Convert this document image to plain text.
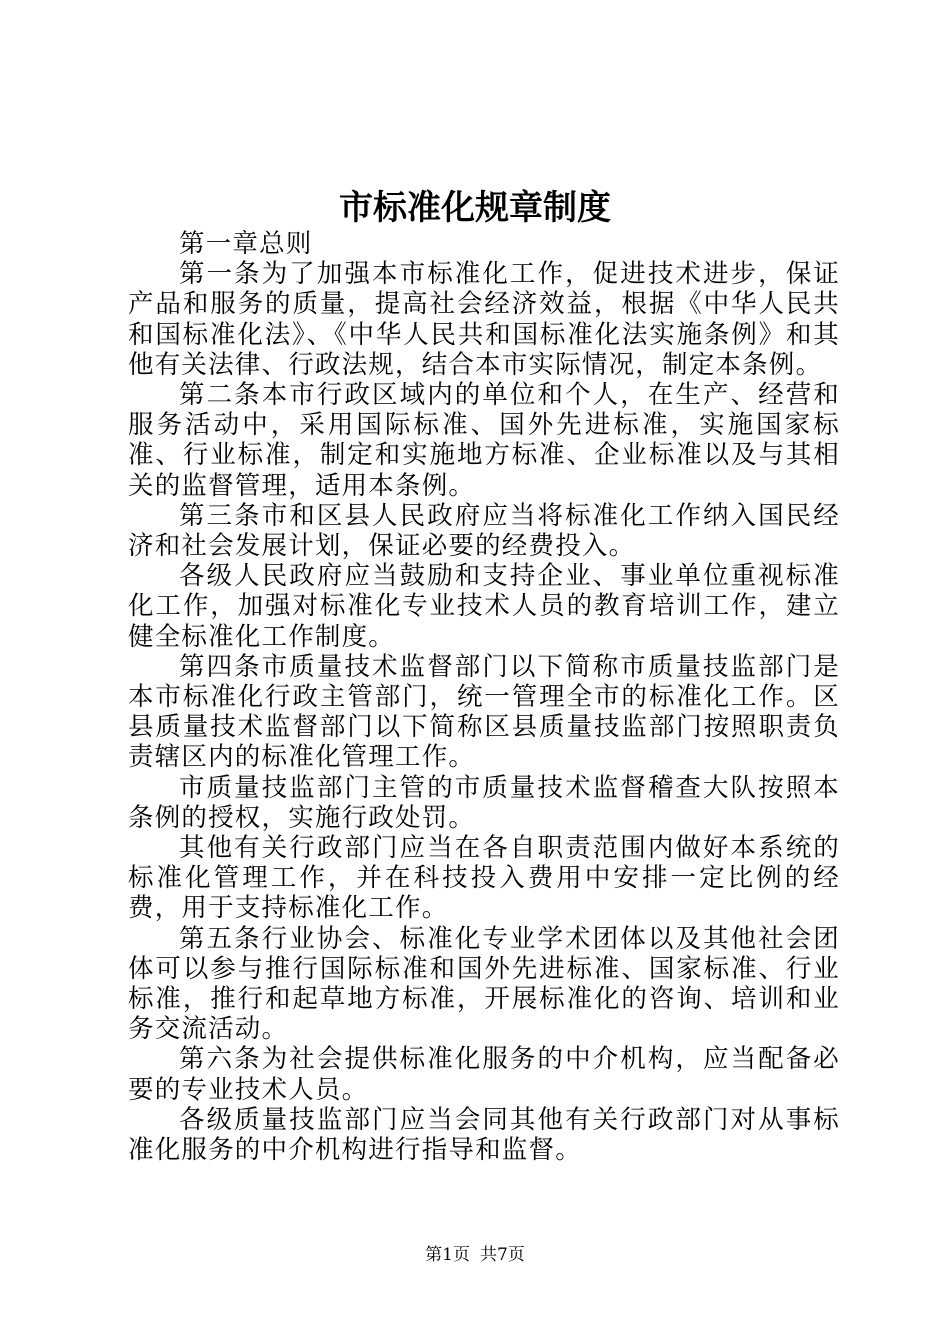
市标准化规章制度

第一章总则

第一条为了加强本市标准化工作，促进技术进步，保证产品和服务的质量，提高社会经济效益，根据《中华人民共和国标准化法》、《中华人民共和国标准化法实施条例》和其他有关法律、行政法规，结合本市实际情况，制定本条例。

第二条本市行政区域内的单位和个人，在生产、经营和服务活动中，采用国际标准、国外先进标准，实施国家标准、行业标准，制定和实施地方标准、企业标准以及与其相关的监督管理，适用本条例。

第三条市和区县人民政府应当将标准化工作纳入国民经济和社会发展计划，保证必要的经费投入。

各级人民政府应当鼓励和支持企业、事业单位重视标准化工作，加强对标准化专业技术人员的教育培训工作，建立健全标准化工作制度。

第四条市质量技术监督部门以下简称市质量技监部门是本市标准化行政主管部门，统一管理全市的标准化工作。区县质量技术监督部门以下简称区县质量技监部门按照职责负责辖区内的标准化管理工作。

市质量技监部门主管的市质量技术监督稽查大队按照本条例的授权，实施行政处罚。

其他有关行政部门应当在各自职责范围内做好本系统的标准化管理工作，并在科技投入费用中安排一定比例的经费，用于支持标准化工作。

第五条行业协会、标准化专业学术团体以及其他社会团体可以参与推行国际标准和国外先进标准、国家标准、行业标准，推行和起草地方标准，开展标准化的咨询、培训和业务交流活动。

第六条为社会提供标准化服务的中介机构，应当配备必要的专业技术人员。

各级质量技监部门应当会同其他有关行政部门对从事标准化服务的中介机构进行指导和监督。

第1页 共7页
